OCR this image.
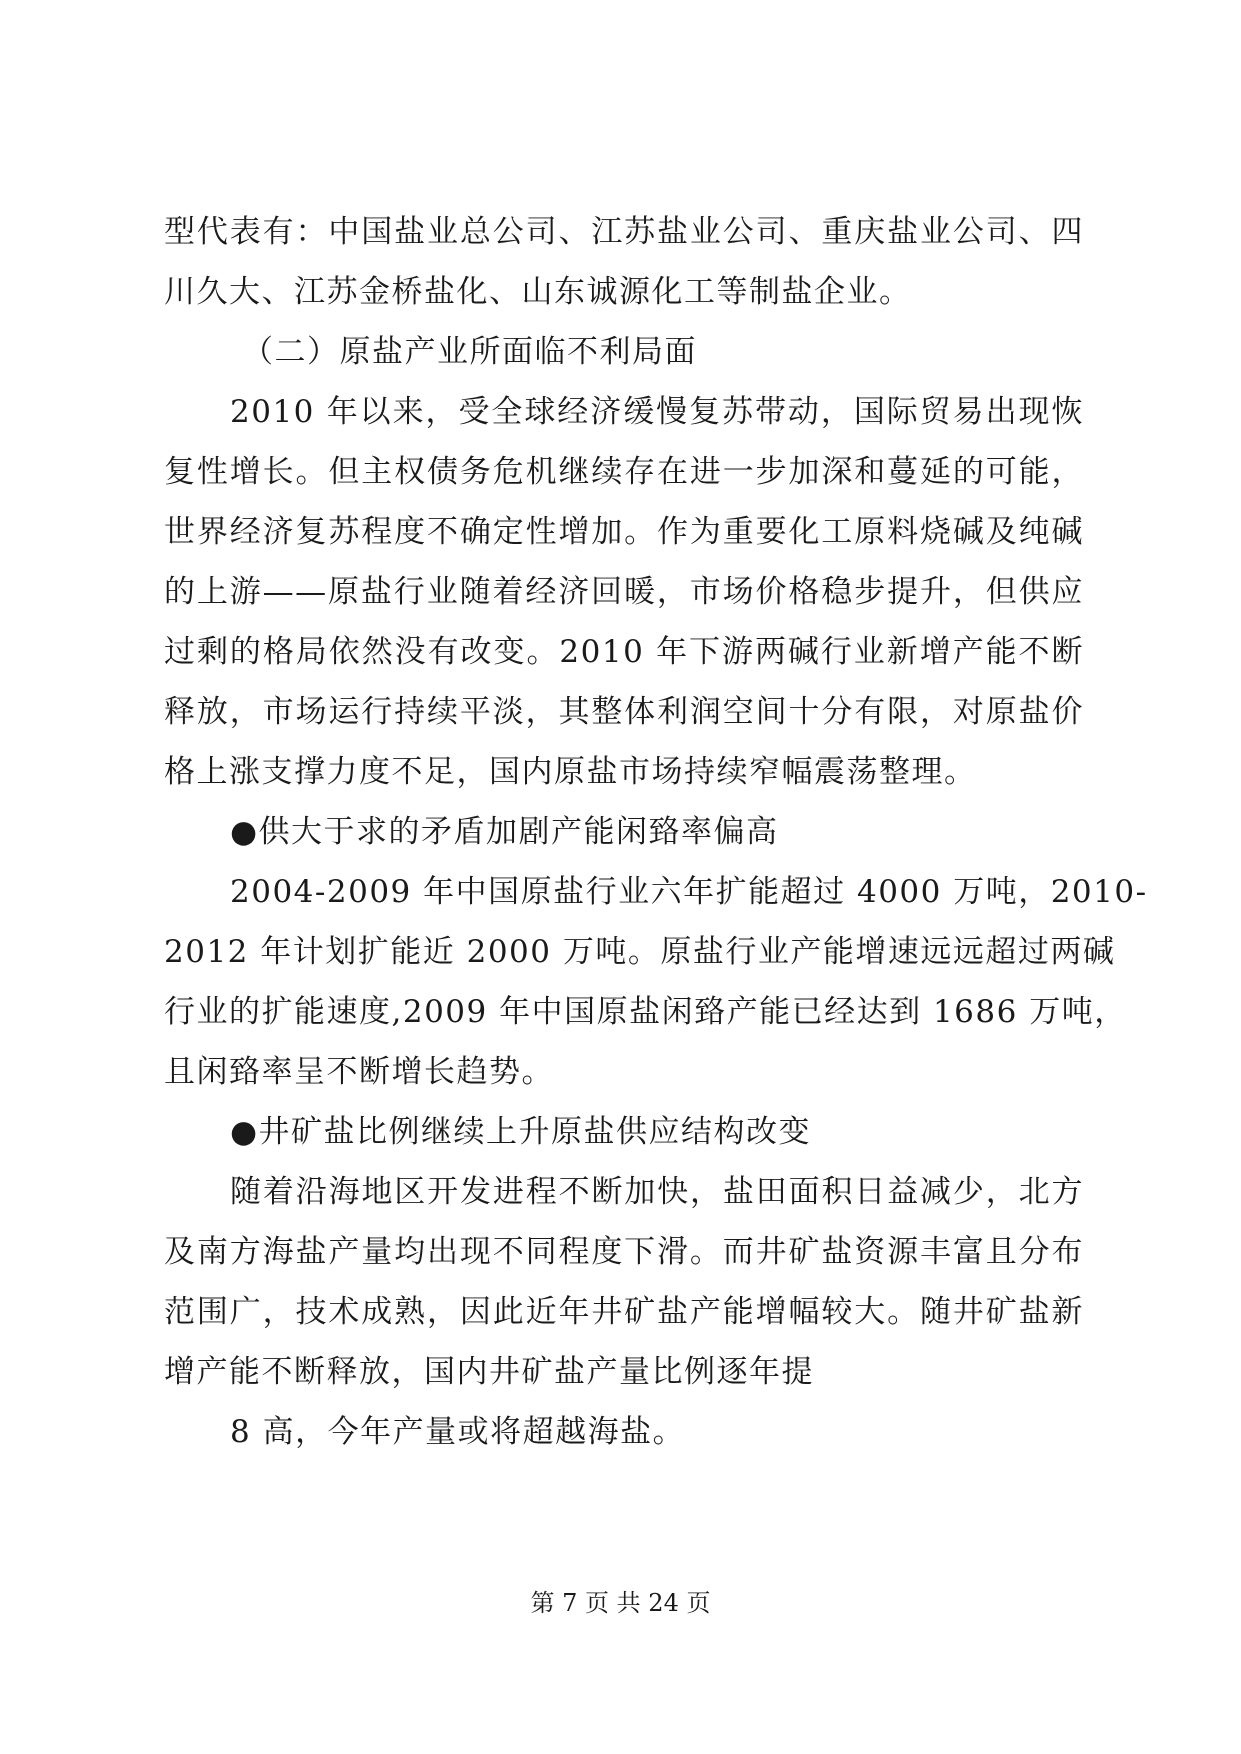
型代表有：中国盐业总公司、江苏盐业公司、重庆盐业公司、四
川久大、江苏金桥盐化、山东诚源化工等制盐企业。
（二）原盐产业所面临不利局面
2010 年以来，受全球经济缓慢复苏带动，国际贸易出现恢
复性增长。但主权债务危机继续存在进一步加深和蔓延的可能，
世界经济复苏程度不确定性增加。作为重要化工原料烧碱及纯碱
的上游——原盐行业随着经济回暖，市场价格稳步提升，但供应
过剩的格局依然没有改变。2010 年下游两碱行业新增产能不断
释放，市场运行持续平淡，其整体利润空间十分有限，对原盐价
格上涨支撑力度不足，国内原盐市场持续窄幅震荡整理。
●供大于求的矛盾加剧产能闲臵率偏高
2004-2009 年中国原盐行业六年扩能超过 4000 万吨，2010-
2012 年计划扩能近 2000 万吨。原盐行业产能增速远远超过两碱
行业的扩能速度,2009 年中国原盐闲臵产能已经达到 1686 万吨，
且闲臵率呈不断增长趋势。
●井矿盐比例继续上升原盐供应结构改变
随着沿海地区开发进程不断加快，盐田面积日益减少，北方
及南方海盐产量均出现不同程度下滑。而井矿盐资源丰富且分布
范围广，技术成熟，因此近年井矿盐产能增幅较大。随井矿盐新
增产能不断释放，国内井矿盐产量比例逐年提
8 高，今年产量或将超越海盐。
第 7 页 共 24 页
